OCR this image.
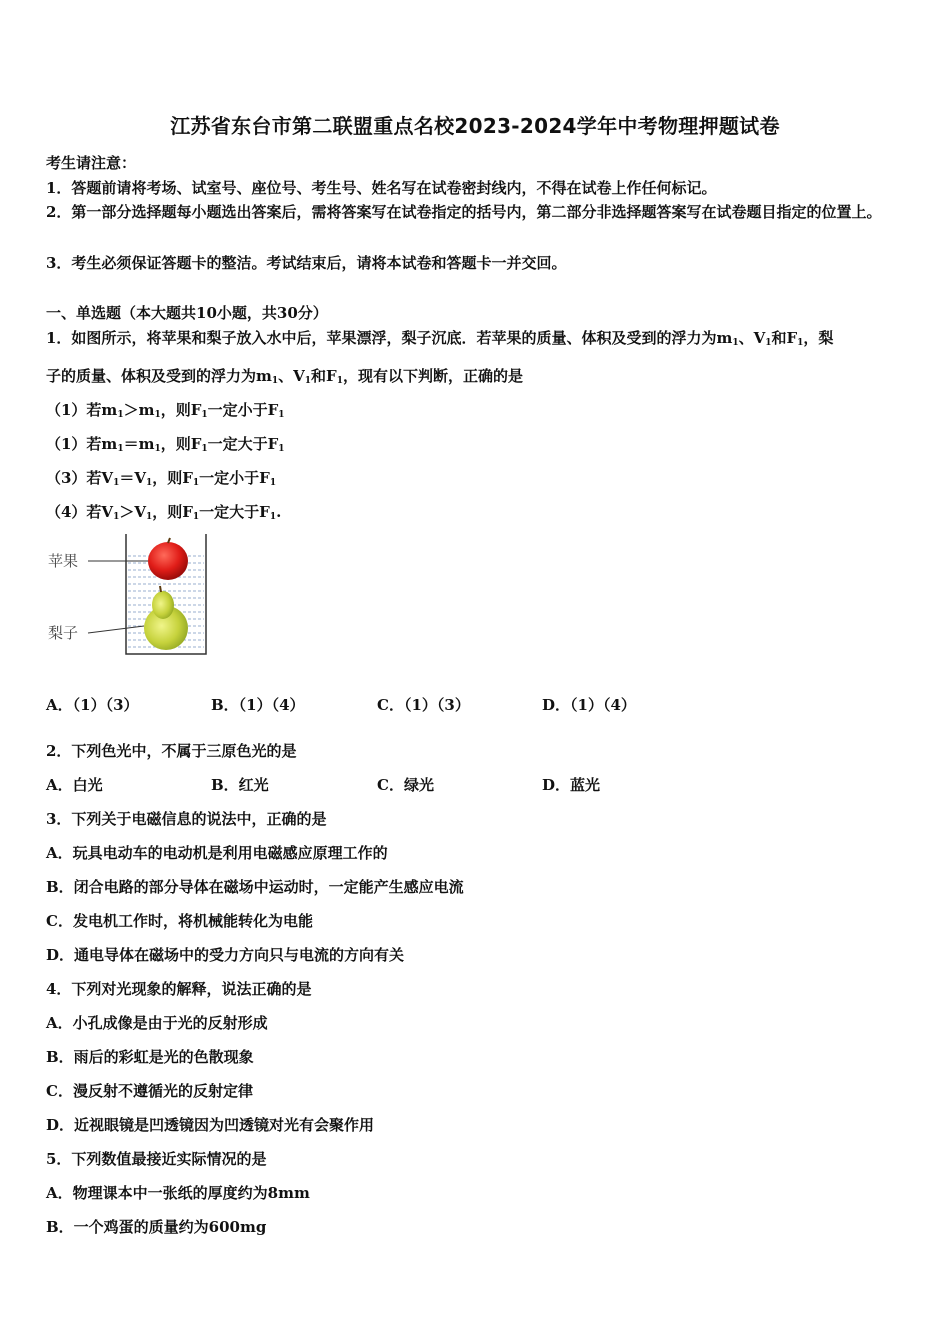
江苏省东台市第二联盟重点名校2023-2024学年中考物理押题试卷
考生请注意：
1．答题前请将考场、试室号、座位号、考生号、姓名写在试卷密封线内，不得在试卷上作任何标记。
2．第一部分选择题每小题选出答案后，需将答案写在试卷指定的括号内，第二部分非选择题答案写在试卷题目指定的位置上。
3．考生必须保证答题卡的整洁。考试结束后，请将本试卷和答题卡一并交回。
一、单选题（本大题共10小题，共30分）
1．如图所示，将苹果和梨子放入水中后，苹果漂浮，梨子沉底．若苹果的质量、体积及受到的浮力为$m_1$、$V_1$和$F_1$，梨
子的质量、体积及受到的浮力为$m_1$、$V_1$和$F_1$，现有以下判断，正确的是
（1）若$m_1>m_1$，则$F_1$一定小于$F_1$
（1）若$m_1=m_1$，则$F_1$一定大于$F_1$
（3）若$V_1=V_1$，则$F_1$一定小于$F_1$
（4）若$V_1>V_1$，则$F_1$一定大于$F_1$.
苹果
梨子
A．（1）（3）	B．（1）（4）	C．（1）（3）	D．（1）（4）
2．下列色光中，不属于三原色光的是
A．白光	B．红光	C．绿光	D．蓝光
3．下列关于电磁信息的说法中，正确的是
A．玩具电动车的电动机是利用电磁感应原理工作的
B．闭合电路的部分导体在磁场中运动时，一定能产生感应电流
C．发电机工作时，将机械能转化为电能
D．通电导体在磁场中的受力方向只与电流的方向有关
4．下列对光现象的解释，说法正确的是
A．小孔成像是由于光的反射形成
B．雨后的彩虹是光的色散现象
C．漫反射不遵循光的反射定律
D．近视眼镜是凹透镜因为凹透镜对光有会聚作用
5．下列数值最接近实际情况的是
A．物理课本中一张纸的厚度约为8mm
B．一个鸡蛋的质量约为600mg
